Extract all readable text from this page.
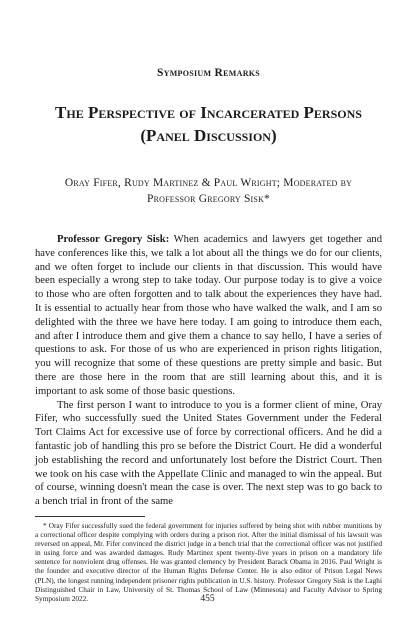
Symposium Remarks
The Perspective of Incarcerated Persons (Panel Discussion)
Oray Fifer, Rudy Martinez & Paul Wright; Moderated by Professor Gregory Sisk*

Professor Gregory Sisk: When academics and lawyers get together and have conferences like this, we talk a lot about all the things we do for our clients, and we often forget to include our clients in that discussion. This would have been especially a wrong step to take today. Our purpose today is to give a voice to those who are often forgotten and to talk about the experiences they have had. It is essential to actually hear from those who have walked the walk, and I am so delighted with the three we have here today. I am going to introduce them each, and after I introduce them and give them a chance to say hello, I have a series of questions to ask. For those of us who are experienced in prison rights litigation, you will recognize that some of these questions are pretty simple and basic. But there are those here in the room that are still learning about this, and it is important to ask some of those basic questions.

The first person I want to introduce to you is a former client of mine, Oray Fifer, who successfully sued the United States Government under the Federal Tort Claims Act for excessive use of force by correctional officers. And he did a fantastic job of handling this pro se before the District Court. He did a wonderful job establishing the record and unfortunately lost before the District Court. Then we took on his case with the Appellate Clinic and managed to win the appeal. But of course, winning doesn't mean the case is over. The next step was to go back to a bench trial in front of the same

* Oray Fifer successfully sued the federal government for injuries suffered by being shot with rubber munitions by a correctional officer despite complying with orders during a prison riot. After the initial dismissal of his lawsuit was reversed on appeal, Mr. Fifer convinced the district judge in a bench trial that the correctional officer was not justified in using force and was awarded damages. Rudy Martinez spent twenty-five years in prison on a mandatory life sentence for nonviolent drug offenses. He was granted clemency by President Barack Obama in 2016. Paul Wright is the founder and executive director of the Human Rights Defense Center. He is also editor of Prison Legal News (PLN), the longest running independent prisoner rights publication in U.S. history. Professor Gregory Sisk is the Laghi Distinguished Chair in Law, University of St. Thomas School of Law (Minnesota) and Faculty Advisor to Spring Symposium 2022.	455
